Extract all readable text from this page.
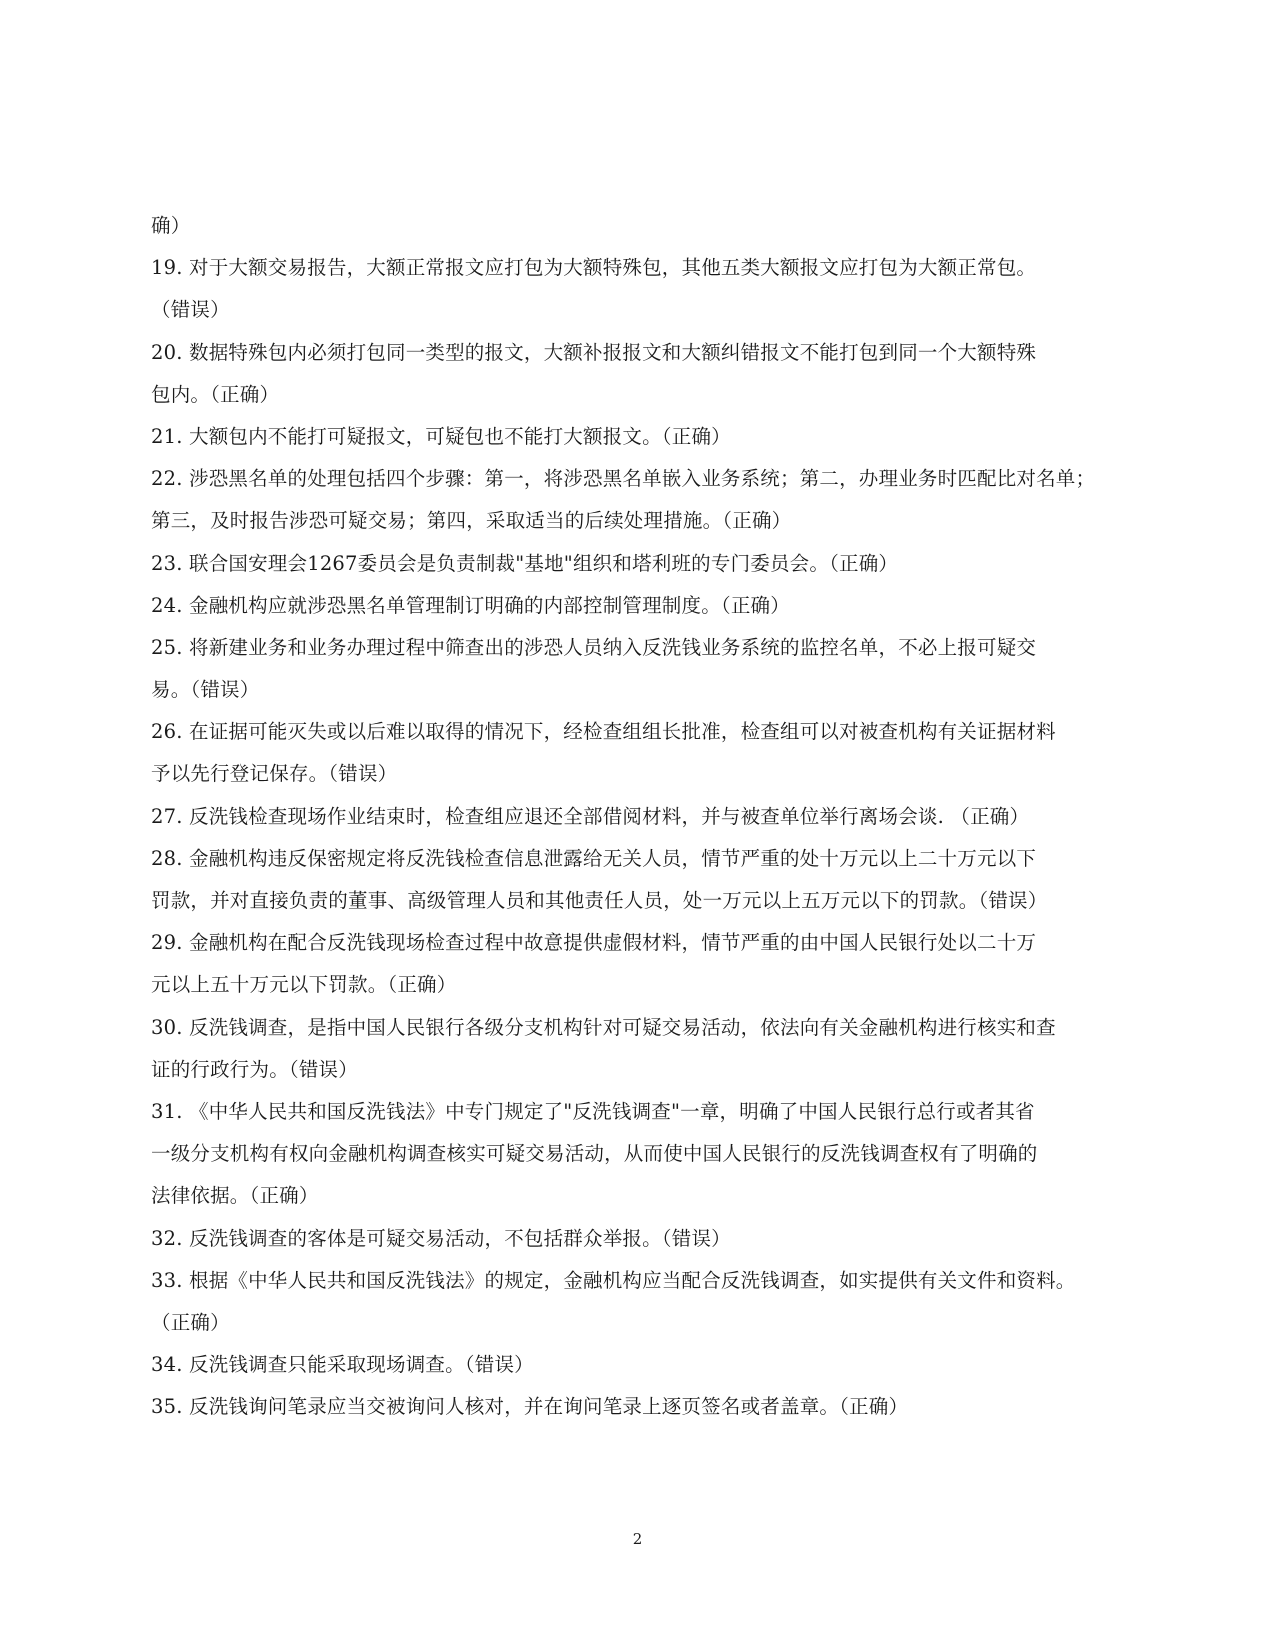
确）
19. 对于大额交易报告，大额正常报文应打包为大额特殊包，其他五类大额报文应打包为大额正常包。
（错误）
20. 数据特殊包内必须打包同一类型的报文，大额补报报文和大额纠错报文不能打包到同一个大额特殊
包内。（正确）
21. 大额包内不能打可疑报文，可疑包也不能打大额报文。（正确）
22. 涉恐黑名单的处理包括四个步骤：第一，将涉恐黑名单嵌入业务系统；第二，办理业务时匹配比对名单；
第三，及时报告涉恐可疑交易；第四，采取适当的后续处理措施。（正确）
23. 联合国安理会1267委员会是负责制裁"基地"组织和塔利班的专门委员会。（正确）
24. 金融机构应就涉恐黑名单管理制订明确的内部控制管理制度。（正确）
25. 将新建业务和业务办理过程中筛查出的涉恐人员纳入反洗钱业务系统的监控名单，不必上报可疑交
易。（错误）
26. 在证据可能灭失或以后难以取得的情况下，经检查组组长批准，检查组可以对被查机构有关证据材料
予以先行登记保存。（错误）
27. 反洗钱检查现场作业结束时，检查组应退还全部借阅材料，并与被查单位举行离场会谈. （正确）
28. 金融机构违反保密规定将反洗钱检查信息泄露给无关人员，情节严重的处十万元以上二十万元以下
罚款，并对直接负责的董事、高级管理人员和其他责任人员，处一万元以上五万元以下的罚款。（错误）
29. 金融机构在配合反洗钱现场检查过程中故意提供虚假材料，情节严重的由中国人民银行处以二十万
元以上五十万元以下罚款。（正确）
30. 反洗钱调查，是指中国人民银行各级分支机构针对可疑交易活动，依法向有关金融机构进行核实和查
证的行政行为。（错误）
31. 《中华人民共和国反洗钱法》中专门规定了"反洗钱调查"一章，明确了中国人民银行总行或者其省
一级分支机构有权向金融机构调查核实可疑交易活动，从而使中国人民银行的反洗钱调查权有了明确的
法律依据。（正确）
32. 反洗钱调查的客体是可疑交易活动，不包括群众举报。（错误）
33. 根据《中华人民共和国反洗钱法》的规定，金融机构应当配合反洗钱调查，如实提供有关文件和资料。
（正确）
34. 反洗钱调查只能采取现场调查。（错误）
35. 反洗钱询问笔录应当交被询问人核对，并在询问笔录上逐页签名或者盖章。（正确）
2
